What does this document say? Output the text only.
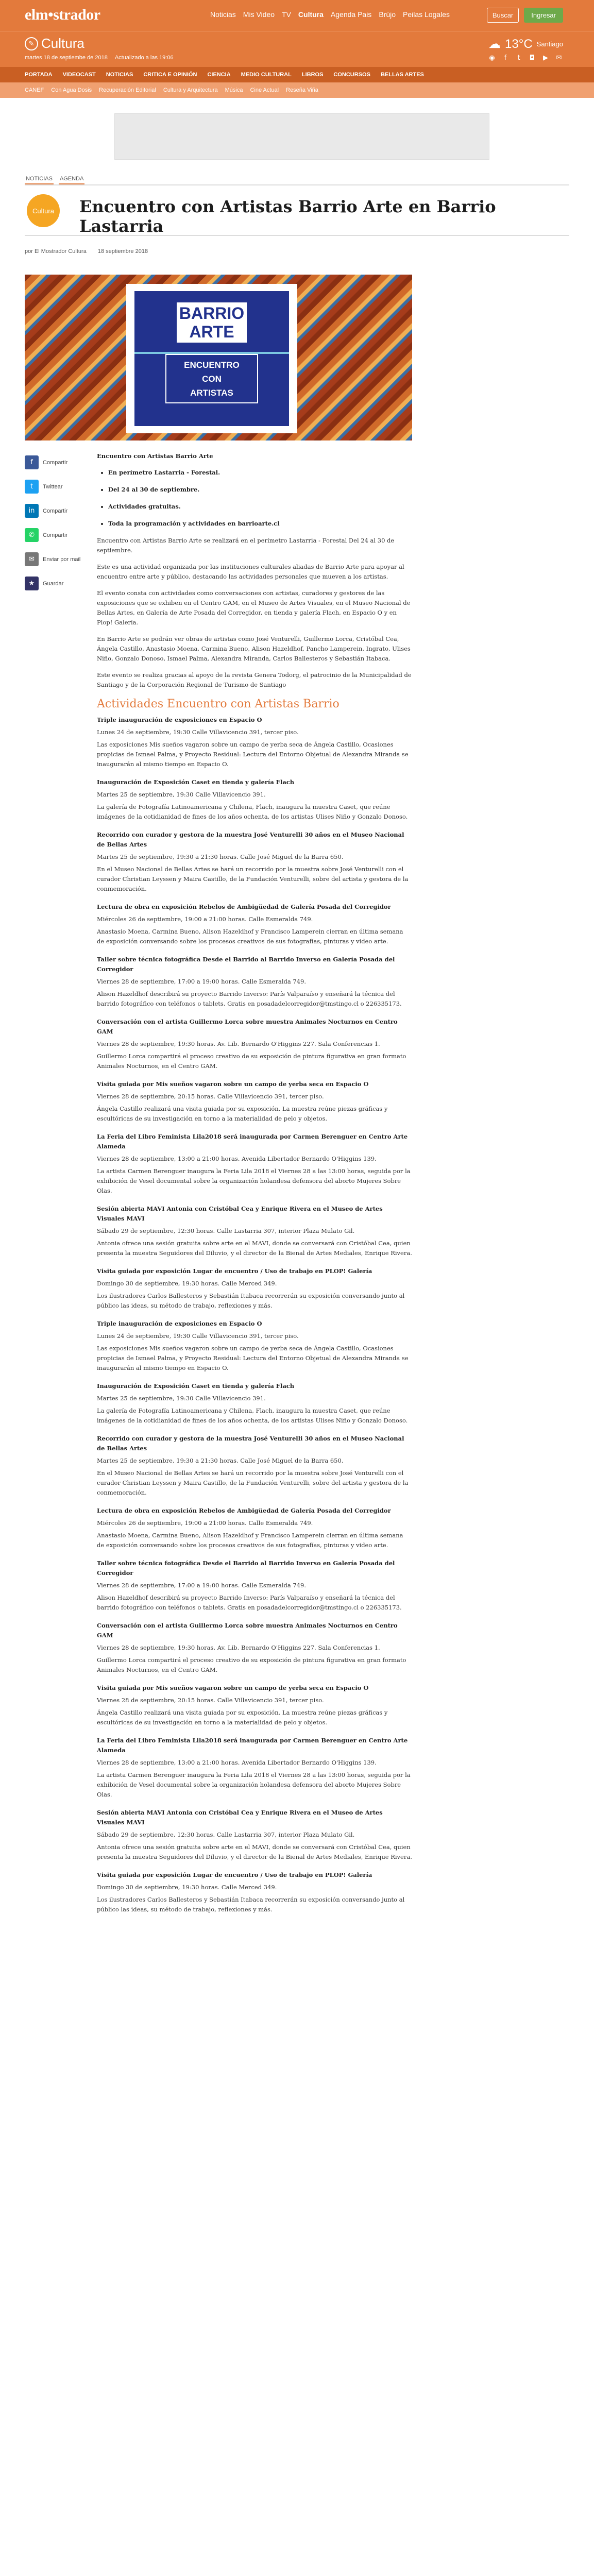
elm•strador	Noticias Mis Video TV Cultura Agenda Pais Brújo Peilas Logales	Buscar	Ingresar
✎ Cultura
martes 18 de septiembe de 2018 Actualizado a las 19:06
☁ 13°C Santiago
◉	f	t	◘ ▶ ✉
PORTADA VIDEOCAST NOTICIAS CRITICA E OPINIÓN CIENCIA MEDIO CULTURAL LIBROS CONCURSOS BELLAS ARTES
CANEF Con Agua Dosis Recuperación Editorial Cultura y Arquitectura Música Cine Actual Reseña Viña
NOTICIAS AGENDA
Cultura	Encuentro con Artistas Barrio Arte en Barrio Lastarria
por El Mostrador Cultura 18 septiembre 2018
BARRIO
ARTE
ENCUENTRO
CON
ARTISTAS
f	Compartir
t	Twittear
in	Compartir
✆	Compartir
✉	Enviar por mail
★	Guardar

Encuentro con Artistas Barrio Arte

• En perímetro Lastarria - Forestal.
• Del 24 al 30 de septiembre.
• Actividades gratuitas.
• Toda la programación y actividades en barrioarte.cl

Encuentro con Artistas Barrio Arte se realizará en el perímetro Lastarria - Forestal Del 24 al 30 de septiembre.

Este es una actividad organizada por las instituciones culturales aliadas de Barrio Arte para apoyar al encuentro entre arte y público, destacando las actividades personales que mueven a los artistas.

El evento consta con actividades como conversaciones con artistas, curadores y gestores de las exposiciones que se exhiben en el Centro GAM, en el Museo de Artes Visuales, en el Museo Nacional de Bellas Artes, en Galería de Arte Posada del Corregidor, en tienda y galería Flach, en Espacio O y en Plop! Galería.

En Barrio Arte se podrán ver obras de artistas como José Venturelli, Guillermo Lorca, Cristóbal Cea, Ángela Castillo, Anastasio Moena, Carmina Bueno, Alison Hazeldhof, Pancho Lamperein, Ingrato, Ulises Niño, Gonzalo Donoso, Ismael Palma, Alexandra Miranda, Carlos Ballesteros y Sebastián Itabaca.

Este evento se realiza gracias al apoyo de la revista Genera Todorg, el patrocinio de la Municipalidad de Santiago y de la Corporación Regional de Turismo de Santiago

Actividades Encuentro con Artistas Barrio

Triple inauguración de exposiciones en Espacio O

Lunes 24 de septiembre, 19:30 Calle Villavicencio 391, tercer piso.

Las exposiciones Mis sueños vagaron sobre un campo de yerba seca de Ángela Castillo, Ocasiones propicias de Ismael Palma, y Proyecto Residual: Lectura del Entorno Objetual de Alexandra Miranda se inaugurarán al mismo tiempo en Espacio O.

Inauguración de Exposición Caset en tienda y galería Flach

Martes 25 de septiembre, 19:30 Calle Villavicencio 391.

La galería de Fotografía Latinoamericana y Chilena, Flach, inaugura la muestra Caset, que reúne imágenes de la cotidianidad de fines de los años ochenta, de los artistas Ulises Niño y Gonzalo Donoso.

Recorrido con curador y gestora de la muestra José Venturelli 30 años en el Museo Nacional de Bellas Artes

Martes 25 de septiembre, 19:30 a 21:30 horas. Calle José Miguel de la Barra 650.

En el Museo Nacional de Bellas Artes se hará un recorrido por la muestra sobre José Venturelli con el curador Christian Leyssen y Maira Castillo, de la Fundación Venturelli, sobre del artista y gestora de la conmemoración.

Lectura de obra en exposición Rebelos de Ambigüedad de Galería Posada del Corregidor

Miércoles 26 de septiembre, 19:00 a 21:00 horas. Calle Esmeralda 749.

Anastasio Moena, Carmina Bueno, Alison Hazeldhof y Francisco Lamperein cierran en última semana de exposición conversando sobre los procesos creativos de sus fotografías, pinturas y video arte.

Taller sobre técnica fotográfica Desde el Barrido al Barrido Inverso en Galería Posada del Corregidor

Viernes 28 de septiembre, 17:00 a 19:00 horas. Calle Esmeralda 749.

Alison Hazeldhof describirá su proyecto Barrido Inverso: París Valparaíso y enseñará la técnica del barrido fotográfico con teléfonos o tablets. Gratis en posadadelcorregidor@tmstingo.cl o 226335173.

Conversación con el artista Guillermo Lorca sobre muestra Animales Nocturnos en Centro GAM

Viernes 28 de septiembre, 19:30 horas. Av. Lib. Bernardo O'Higgins 227. Sala Conferencias 1.

Guillermo Lorca compartirá el proceso creativo de su exposición de pintura figurativa en gran formato Animales Nocturnos, en el Centro GAM.

Visita guiada por Mis sueños vagaron sobre un campo de yerba seca en Espacio O

Viernes 28 de septiembre, 20:15 horas. Calle Villavicencio 391, tercer piso.

Ángela Castillo realizará una visita guiada por su exposición. La muestra reúne piezas gráficas y escultóricas de su investigación en torno a la materialidad de pelo y objetos.

La Feria del Libro Feminista Lila2018 será inaugurada por Carmen Berenguer en Centro Arte Alameda

Viernes 28 de septiembre, 13:00 a 21:00 horas. Avenida Libertador Bernardo O'Higgins 139.

La artista Carmen Berenguer inaugura la Feria Lila 2018 el Viernes 28 a las 13:00 horas, seguida por la exhibición de Vesel documental sobre la organización holandesa defensora del aborto Mujeres Sobre Olas.

Sesión abierta MAVI Antonia con Cristóbal Cea y Enrique Rivera en el Museo de Artes Visuales MAVI

Sábado 29 de septiembre, 12:30 horas. Calle Lastarria 307, interior Plaza Mulato Gil.

Antonia ofrece una sesión gratuita sobre arte en el MAVI, donde se conversará con Cristóbal Cea, quien presenta la muestra Seguidores del Diluvio, y el director de la Bienal de Artes Mediales, Enrique Rivera.

Visita guiada por exposición Lugar de encuentro / Uso de trabajo en PLOP! Galería

Domingo 30 de septiembre, 19:30 horas. Calle Merced 349.

Los ilustradores Carlos Ballesteros y Sebastián Itabaca recorrerán su exposición conversando junto al público las ideas, su método de trabajo, reflexiones y más.

Triple inauguración de exposiciones en Espacio O

Lunes 24 de septiembre, 19:30 Calle Villavicencio 391, tercer piso.

Las exposiciones Mis sueños vagaron sobre un campo de yerba seca de Ángela Castillo, Ocasiones propicias de Ismael Palma, y Proyecto Residual: Lectura del Entorno Objetual de Alexandra Miranda se inaugurarán al mismo tiempo en Espacio O.

Inauguración de Exposición Caset en tienda y galería Flach

Martes 25 de septiembre, 19:30 Calle Villavicencio 391.

La galería de Fotografía Latinoamericana y Chilena, Flach, inaugura la muestra Caset, que reúne imágenes de la cotidianidad de fines de los años ochenta, de los artistas Ulises Niño y Gonzalo Donoso.

Recorrido con curador y gestora de la muestra José Venturelli 30 años en el Museo Nacional de Bellas Artes

Martes 25 de septiembre, 19:30 a 21:30 horas. Calle José Miguel de la Barra 650.

En el Museo Nacional de Bellas Artes se hará un recorrido por la muestra sobre José Venturelli con el curador Christian Leyssen y Maira Castillo, de la Fundación Venturelli, sobre del artista y gestora de la conmemoración.

Lectura de obra en exposición Rebelos de Ambigüedad de Galería Posada del Corregidor

Miércoles 26 de septiembre, 19:00 a 21:00 horas. Calle Esmeralda 749.

Anastasio Moena, Carmina Bueno, Alison Hazeldhof y Francisco Lamperein cierran en última semana de exposición conversando sobre los procesos creativos de sus fotografías, pinturas y video arte.

Taller sobre técnica fotográfica Desde el Barrido al Barrido Inverso en Galería Posada del Corregidor

Viernes 28 de septiembre, 17:00 a 19:00 horas. Calle Esmeralda 749.

Alison Hazeldhof describirá su proyecto Barrido Inverso: París Valparaíso y enseñará la técnica del barrido fotográfico con teléfonos o tablets. Gratis en posadadelcorregidor@tmstingo.cl o 226335173.

Conversación con el artista Guillermo Lorca sobre muestra Animales Nocturnos en Centro GAM

Viernes 28 de septiembre, 19:30 horas. Av. Lib. Bernardo O'Higgins 227. Sala Conferencias 1.

Guillermo Lorca compartirá el proceso creativo de su exposición de pintura figurativa en gran formato Animales Nocturnos, en el Centro GAM.

Visita guiada por Mis sueños vagaron sobre un campo de yerba seca en Espacio O

Viernes 28 de septiembre, 20:15 horas. Calle Villavicencio 391, tercer piso.

Ángela Castillo realizará una visita guiada por su exposición. La muestra reúne piezas gráficas y escultóricas de su investigación en torno a la materialidad de pelo y objetos.

La Feria del Libro Feminista Lila2018 será inaugurada por Carmen Berenguer en Centro Arte Alameda

Viernes 28 de septiembre, 13:00 a 21:00 horas. Avenida Libertador Bernardo O'Higgins 139.

La artista Carmen Berenguer inaugura la Feria Lila 2018 el Viernes 28 a las 13:00 horas, seguida por la exhibición de Vesel documental sobre la organización holandesa defensora del aborto Mujeres Sobre Olas.

Sesión abierta MAVI Antonia con Cristóbal Cea y Enrique Rivera en el Museo de Artes Visuales MAVI

Sábado 29 de septiembre, 12:30 horas. Calle Lastarria 307, interior Plaza Mulato Gil.

Antonia ofrece una sesión gratuita sobre arte en el MAVI, donde se conversará con Cristóbal Cea, quien presenta la muestra Seguidores del Diluvio, y el director de la Bienal de Artes Mediales, Enrique Rivera.

Visita guiada por exposición Lugar de encuentro / Uso de trabajo en PLOP! Galería

Domingo 30 de septiembre, 19:30 horas. Calle Merced 349.

Los ilustradores Carlos Ballesteros y Sebastián Itabaca recorrerán su exposición conversando junto al público las ideas, su método de trabajo, reflexiones y más.
